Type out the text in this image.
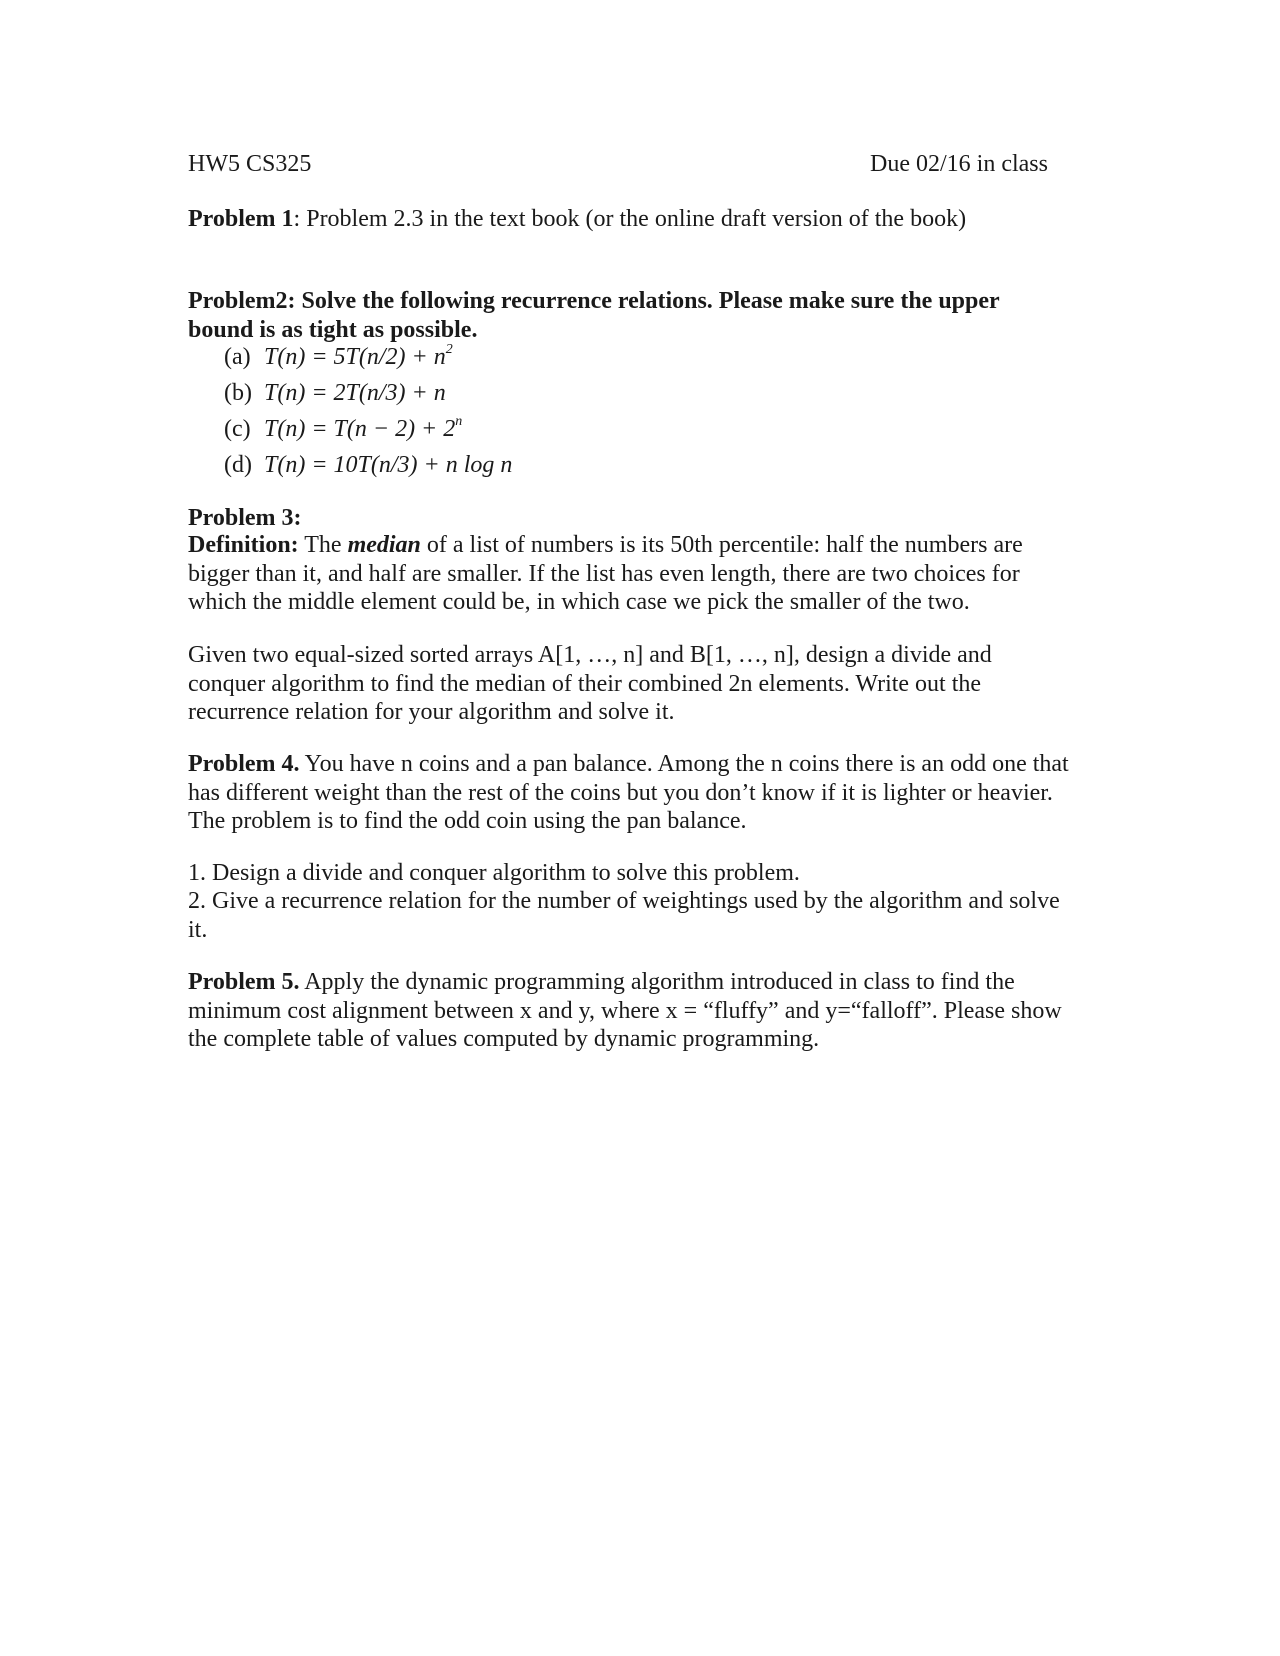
HW5 CS325	Due 02/16 in class

Problem 1: Problem 2.3 in the text book (or the online draft version of the book)

Problem2: Solve the following recurrence relations. Please make sure the upper bound is as tight as possible.

(a) $T(n) = 5T(n/2) + n^2$
(b) T(n) = 2T(n/3) + n
(c) $T(n) = T(n - 2) + 2^n$
(d) T(n) = 10T(n/3) + n log n

Problem 3:

Definition: The median of a list of numbers is its 50th percentile: half the numbers are bigger than it, and half are smaller. If the list has even length, there are two choices for which the middle element could be, in which case we pick the smaller of the two.

Given two equal-sized sorted arrays A[1, …, n] and B[1, …, n], design a divide and conquer algorithm to find the median of their combined 2n elements. Write out the recurrence relation for your algorithm and solve it.

Problem 4. You have n coins and a pan balance. Among the n coins there is an odd one that has different weight than the rest of the coins but you don’t know if it is lighter or heavier. The problem is to find the odd coin using the pan balance.

1. Design a divide and conquer algorithm to solve this problem.

2. Give a recurrence relation for the number of weightings used by the algorithm and solve it.

Problem 5. Apply the dynamic programming algorithm introduced in class to find the minimum cost alignment between x and y, where x = “fluffy” and y=“falloff”. Please show the complete table of values computed by dynamic programming.
